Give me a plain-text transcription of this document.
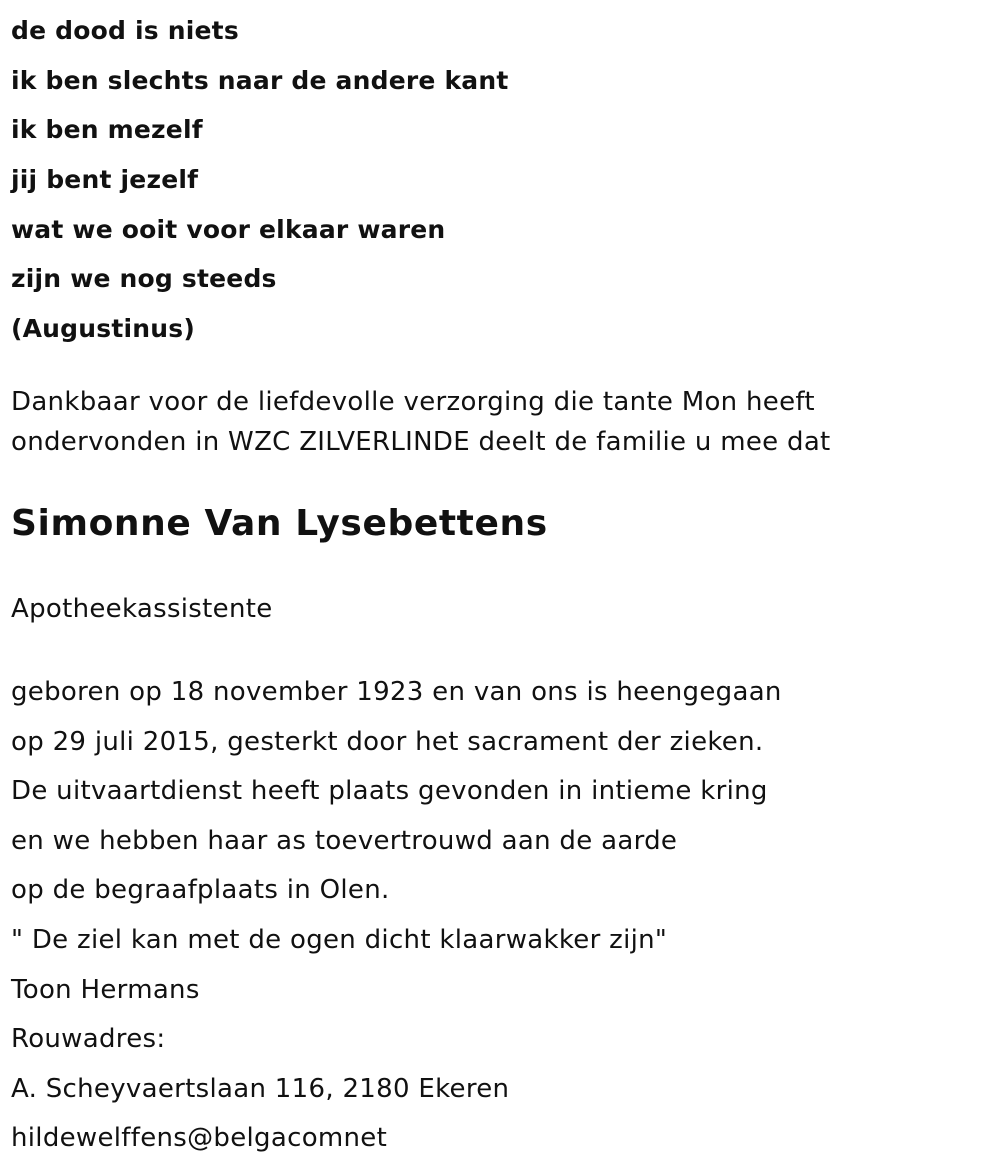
de dood is niets
ik ben slechts naar de andere kant
ik ben mezelf
jij bent jezelf
wat we ooit voor elkaar waren
zijn we nog steeds
(Augustinus)
Dankbaar voor de liefdevolle verzorging die tante Mon heeft
ondervonden in WZC ZILVERLINDE deelt de familie u mee dat
Simonne Van Lysebettens
Apotheekassistente
geboren op 18 november 1923 en van ons is heengegaan
op 29 juli 2015, gesterkt door het sacrament der zieken.
De uitvaartdienst heeft plaats gevonden in intieme kring
en we hebben haar as toevertrouwd aan de aarde
op de begraafplaats in Olen.
" De ziel kan met de ogen dicht klaarwakker zijn"
Toon Hermans
Rouwadres:
A. Scheyvaertslaan 116, 2180 Ekeren
hildewelffens@belgacomnet
